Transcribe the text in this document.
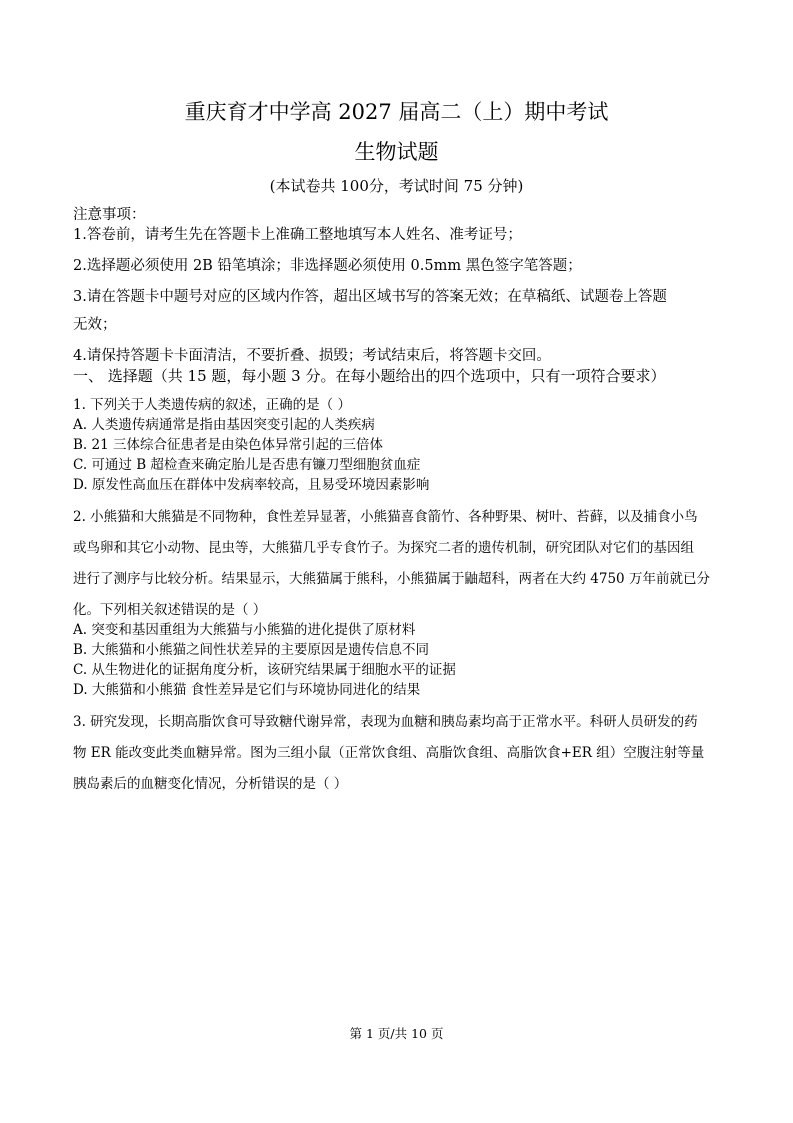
重庆育才中学高 2027 届高二（上）期中考试
生物试题
(本试卷共 100分，考试时间 75 分钟)

注意事项：

1.答卷前，请考生先在答题卡上准确工整地填写本人姓名、准考证号；

2.选择题必须使用 2B 铅笔填涂；非选择题必须使用 0.5mm 黑色签字笔答题；

3.请在答题卡中题号对应的区域内作答，超出区域书写的答案无效；在草稿纸、试题卷上答题

无效；

4.请保持答题卡卡面清洁，不要折叠、损毁；考试结束后，将答题卡交回。

一、 选择题（共 15 题，每小题 3 分。在每小题给出的四个选项中，只有一项符合要求）

1. 下列关于人类遗传病的叙述，正确的是（ ）

A. 人类遗传病通常是指由基因突变引起的人类疾病

B. 21 三体综合征患者是由染色体异常引起的三倍体

C. 可通过 B 超检查来确定胎儿是否患有镰刀型细胞贫血症

D. 原发性高血压在群体中发病率较高，且易受环境因素影响

2. 小熊猫和大熊猫是不同物种，食性差异显著，小熊猫喜食箭竹、各种野果、树叶、苔藓，以及捕食小鸟

或鸟卵和其它小动物、昆虫等，大熊猫几乎专食竹子。为探究二者的遗传机制，研究团队对它们的基因组

进行了测序与比较分析。结果显示，大熊猫属于熊科，小熊猫属于鼬超科，两者在大约 4750 万年前就已分

化。下列相关叙述错误的是（ ）

A. 突变和基因重组为大熊猫与小熊猫的进化提供了原材料

B. 大熊猫和小熊猫之间性状差异的主要原因是遗传信息不同

C. 从生物进化的证据角度分析，该研究结果属于细胞水平的证据

D. 大熊猫和小熊猫 食性差异是它们与环境协同进化的结果

3. 研究发现，长期高脂饮食可导致糖代谢异常，表现为血糖和胰岛素均高于正常水平。科研人员研发的药

物 ER 能改变此类血糖异常。图为三组小鼠（正常饮食组、高脂饮食组、高脂饮食+ER 组）空腹注射等量

胰岛素后的血糖变化情况，分析错误的是（ ）

第 1 页/共 10 页
